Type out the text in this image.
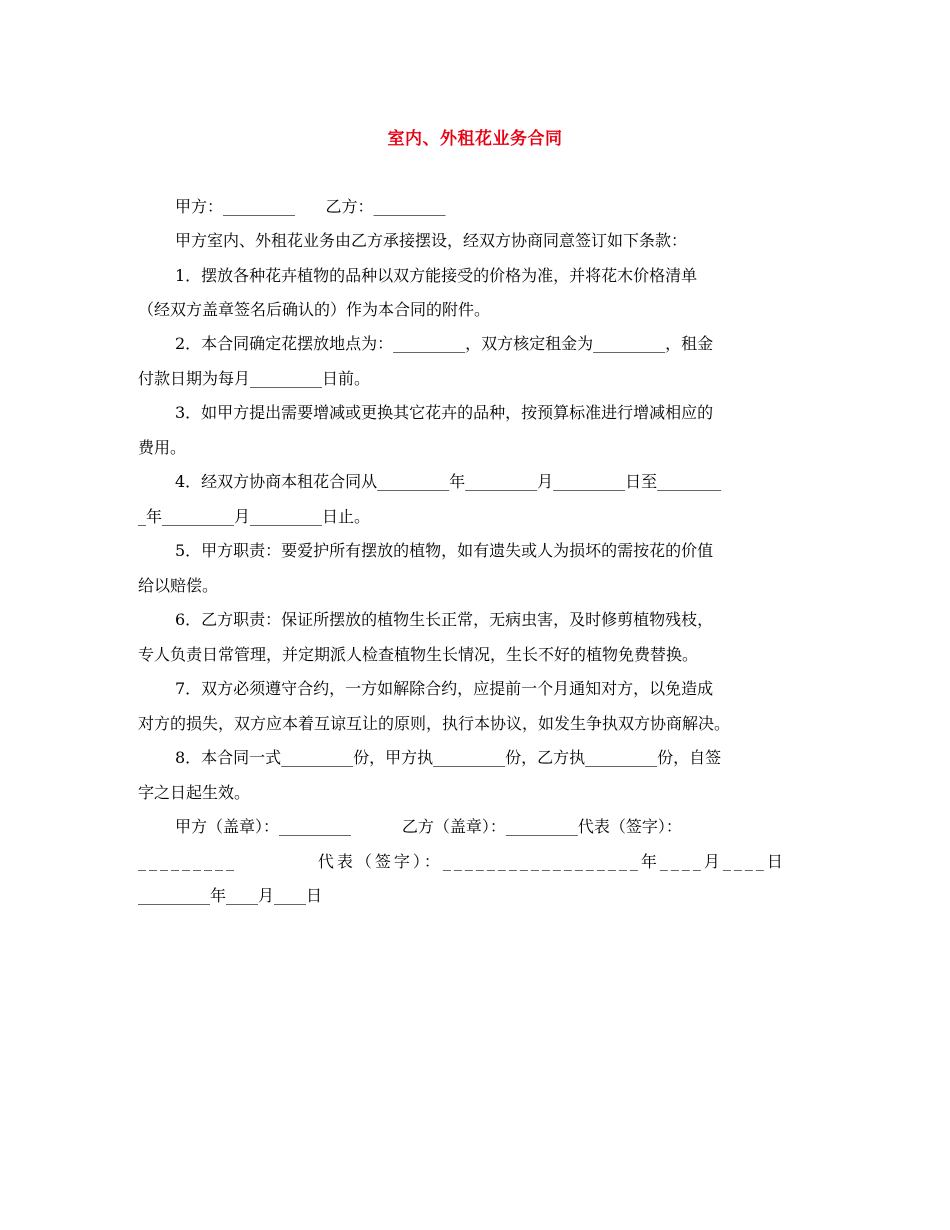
室内、外租花业务合同
甲方：_________      乙方：_________
甲方室内、外租花业务由乙方承接摆设，经双方协商同意签订如下条款：
1．摆放各种花卉植物的品种以双方能接受的价格为准，并将花木价格清单
（经双方盖章签名后确认的）作为本合同的附件。
2．本合同确定花摆放地点为：_________，双方核定租金为_________，租金
付款日期为每月_________日前。
3．如甲方提出需要增减或更换其它花卉的品种，按预算标准进行增减相应的
费用。
4．经双方协商本租花合同从_________年_________月_________日至________
_年_________月_________日止。
5．甲方职责：要爱护所有摆放的植物，如有遗失或人为损坏的需按花的价值
给以赔偿。
6．乙方职责：保证所摆放的植物生长正常，无病虫害，及时修剪植物残枝，
专人负责日常管理，并定期派人检查植物生长情况，生长不好的植物免费替换。
7．双方必须遵守合约，一方如解除合约，应提前一个月通知对方，以免造成
对方的损失，双方应本着互谅互让的原则，执行本协议，如发生争执双方协商解决。
8．本合同一式_________份，甲方执_________份，乙方执_________份，自签
字之日起生效。
甲方（盖章）：_________          乙方（盖章）：_________代表（签字）：
_________          代表（签字）：__________________年____月____日
_________年____月____日
